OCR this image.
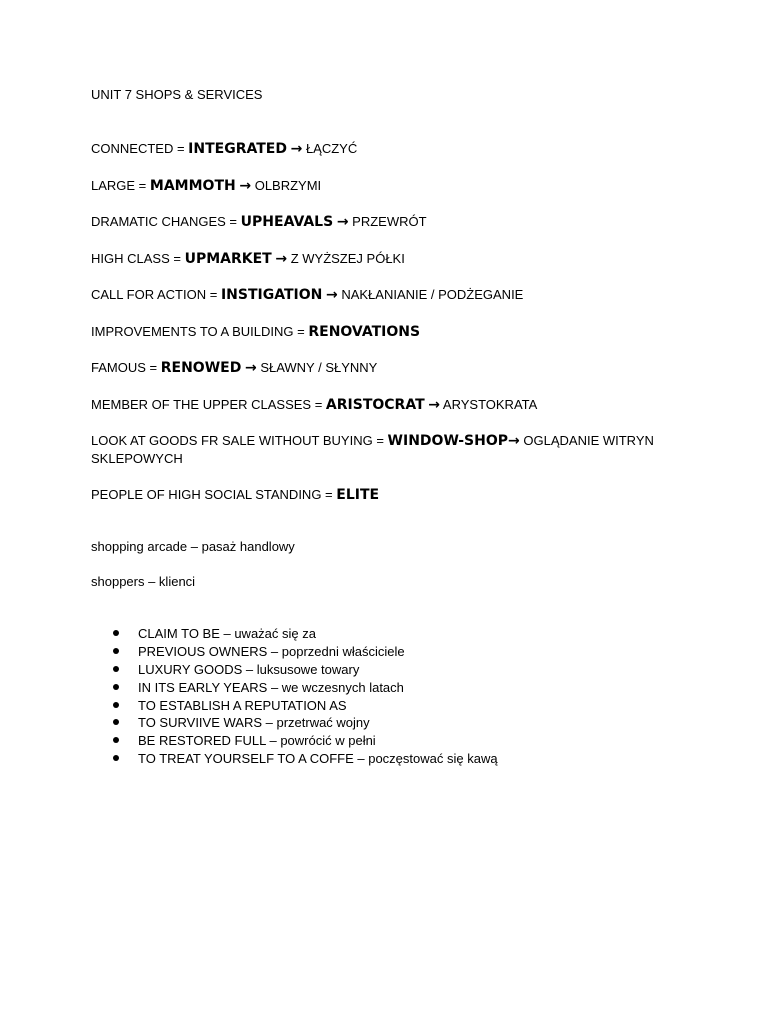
UNIT 7 SHOPS & SERVICES
CONNECTED = INTEGRATED → ŁĄCZYĆ
LARGE = MAMMOTH → OLBRZYMI
DRAMATIC CHANGES = UPHEAVALS → PRZEWRÓT
HIGH CLASS = UPMARKET → Z WYŻSZEJ PÓŁKI
CALL FOR ACTION = INSTIGATION → NAKŁANIANIE / PODŻEGANIE
IMPROVEMENTS TO A BUILDING = RENOVATIONS
FAMOUS = RENOWED → SŁAWNY / SŁYNNY
MEMBER OF THE UPPER CLASSES = ARISTOCRAT → ARYSTOKRATA
LOOK AT GOODS FR SALE WITHOUT BUYING = WINDOW-SHOP→ OGLĄDANIE WITRYN SKLEPOWYCH
PEOPLE OF HIGH SOCIAL STANDING = ELITE
shopping arcade – pasaż handlowy
shoppers – klienci
CLAIM TO BE – uważać się za
PREVIOUS OWNERS – poprzedni właściciele
LUXURY GOODS – luksusowe towary
IN ITS EARLY YEARS – we wczesnych latach
TO ESTABLISH A REPUTATION AS
TO SURVIIVE WARS – przetrwać wojny
BE RESTORED FULL – powrócić w pełni
TO TREAT YOURSELF TO A COFFE – poczęstować się kawą
